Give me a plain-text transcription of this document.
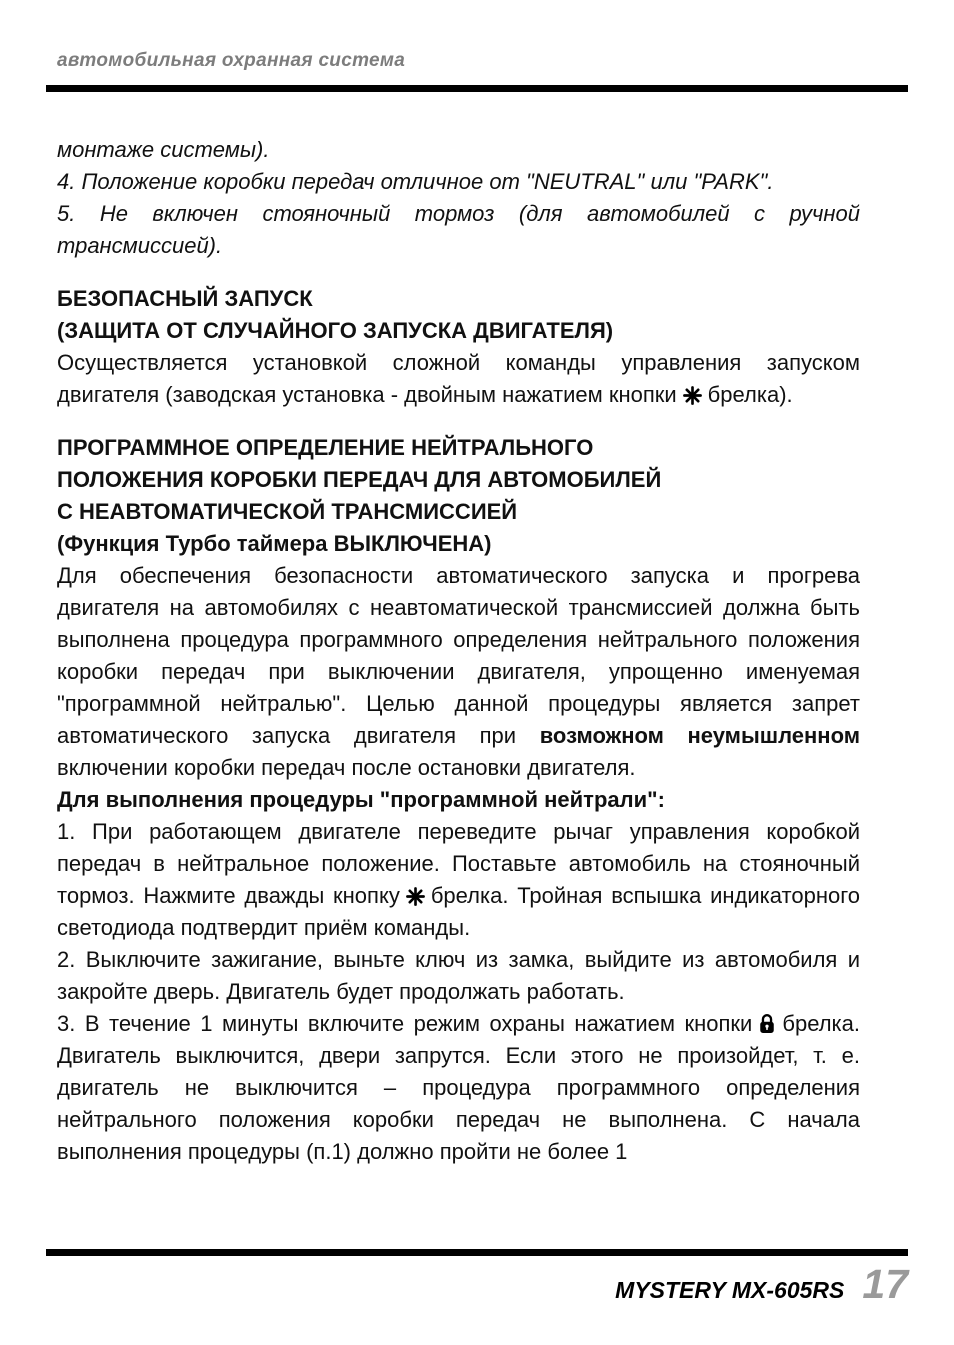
автомобильная охранная система

монтаже системы).

4. Положение коробки передач отличное от "NEUTRAL" или "PARK".

5. Не включен стояночный тормоз (для автомобилей с ручной трансмиссией).

БЕЗОПАСНЫЙ ЗАПУСК
(ЗАЩИТА ОТ СЛУЧАЙНОГО ЗАПУСКА ДВИГАТЕЛЯ)

Осуществляется установкой сложной команды управления запуском двигателя (заводская установка - двойным нажатием кнопки брелка).

ПРОГРАММНОЕ ОПРЕДЕЛЕНИЕ НЕЙТРАЛЬНОГО
ПОЛОЖЕНИЯ КОРОБКИ ПЕРЕДАЧ ДЛЯ АВТОМОБИЛЕЙ
С НЕАВТОМАТИЧЕСКОЙ ТРАНСМИССИЕЙ
(Функция Турбо таймера ВЫКЛЮЧЕНА)

Для обеспечения безопасности автоматического запуска и прогрева двигателя на автомобилях с неавтоматической трансмиссией должна быть выполнена процедура программного определения нейтрального положения коробки передач при выключении двигателя, упрощенно именуемая "программной нейтралью". Целью данной процедуры является запрет автоматического запуска двигателя при возможном неумышленном включении коробки передач после остановки двигателя.

Для выполнения процедуры "программной нейтрали":

1. При работающем двигателе переведите рычаг управления коробкой передач в нейтральное положение. Поставьте автомобиль на стояночный тормоз. Нажмите дважды кнопку брелка. Тройная вспышка индикаторного светодиода подтвердит приём команды.

2. Выключите зажигание, выньте ключ из замка, выйдите из автомобиля и закройте дверь. Двигатель будет продолжать работать.

3. В течение 1 минуты включите режим охраны нажатием кнопки брелка. Двигатель выключится, двери запрутся. Если этого не произойдет, т. е. двигатель не выключится – процедура программного определения нейтрального положения коробки передач не выполнена. С начала выполнения процедуры (п.1) должно пройти не более 1

MYSTERY MX-605RS 17
